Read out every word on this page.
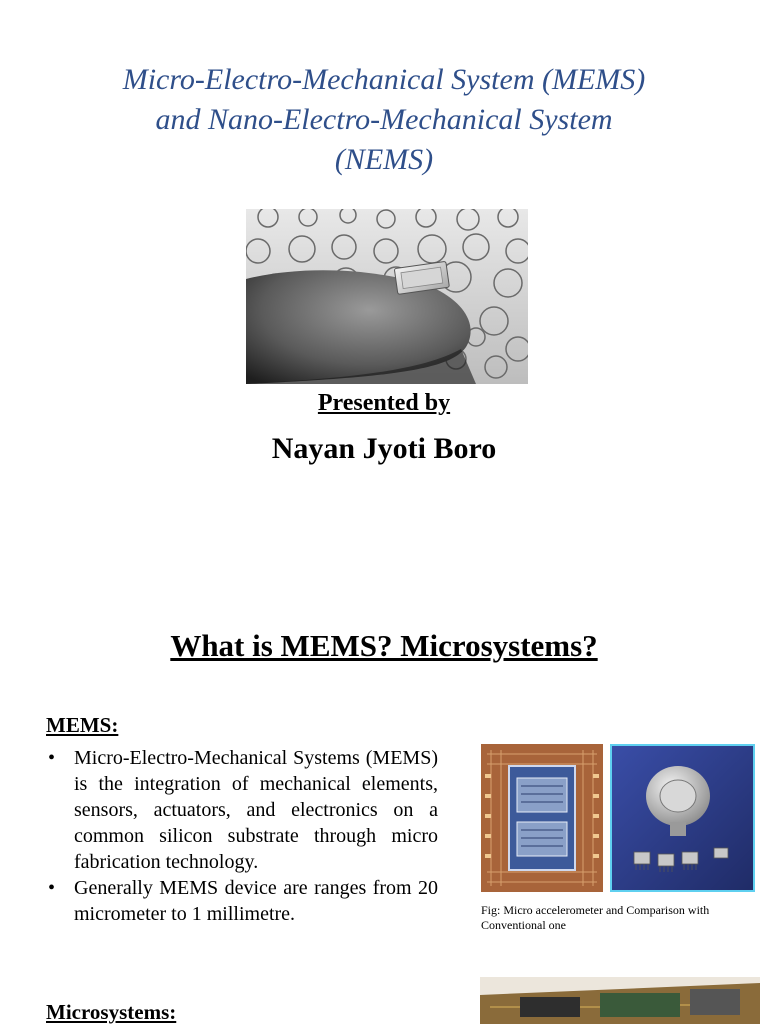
Micro-Electro-Mechanical System (MEMS)
and Nano-Electro-Mechanical System
(NEMS)
Presented by
Nayan Jyoti Boro
What is MEMS? Microsystems?
MEMS:
• Micro-Electro-Mechanical Systems (MEMS) is the integration of mechanical elements, sensors, actuators, and electronics on a common silicon substrate through micro fabrication technology.
• Generally MEMS device are ranges from 20 micrometer to 1 millimetre.	Fig: Micro accelerometer and Comparison with Conventional one
Microsystems:
